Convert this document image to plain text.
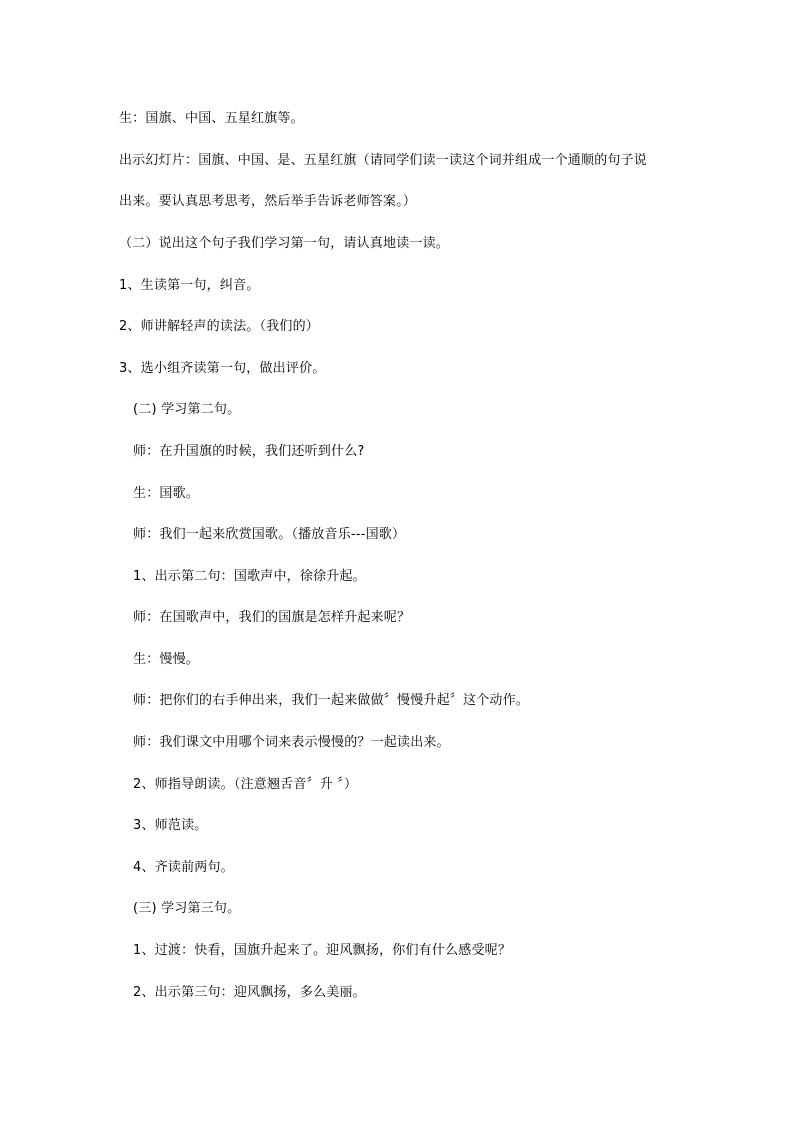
生：国旗、中国、五星红旗等。
出示幻灯片：国旗、中国、是、五星红旗（请同学们读一读这个词并组成一个通顺的句子说
出来。要认真思考思考，然后举手告诉老师答案。）
（二）说出这个句子我们学习第一句，请认真地读一读。
1、生读第一句，纠音。
2、师讲解轻声的读法。（我们的）
3、选小组齐读第一句，做出评价。
(二) 学习第二句。
师：在升国旗的时候，我们还听到什么?
生：国歌。
师：我们一起来欣赏国歌。（播放音乐---国歌）
1、出示第二句：国歌声中，徐徐升起。
师：在国歌声中，我们的国旗是怎样升起来呢？
生：慢慢。
师：把你们的右手伸出来，我们一起来做做〞慢慢升起〞这个动作。
师：我们课文中用哪个词来表示慢慢的？一起读出来。
2、师指导朗读。（注意翘舌音〞升 〞）
3、师范读。
4、齐读前两句。
(三) 学习第三句。
1、过渡：快看，国旗升起来了。迎风飘扬，你们有什么感受呢？
2、出示第三句：迎风飘扬，多么美丽。
